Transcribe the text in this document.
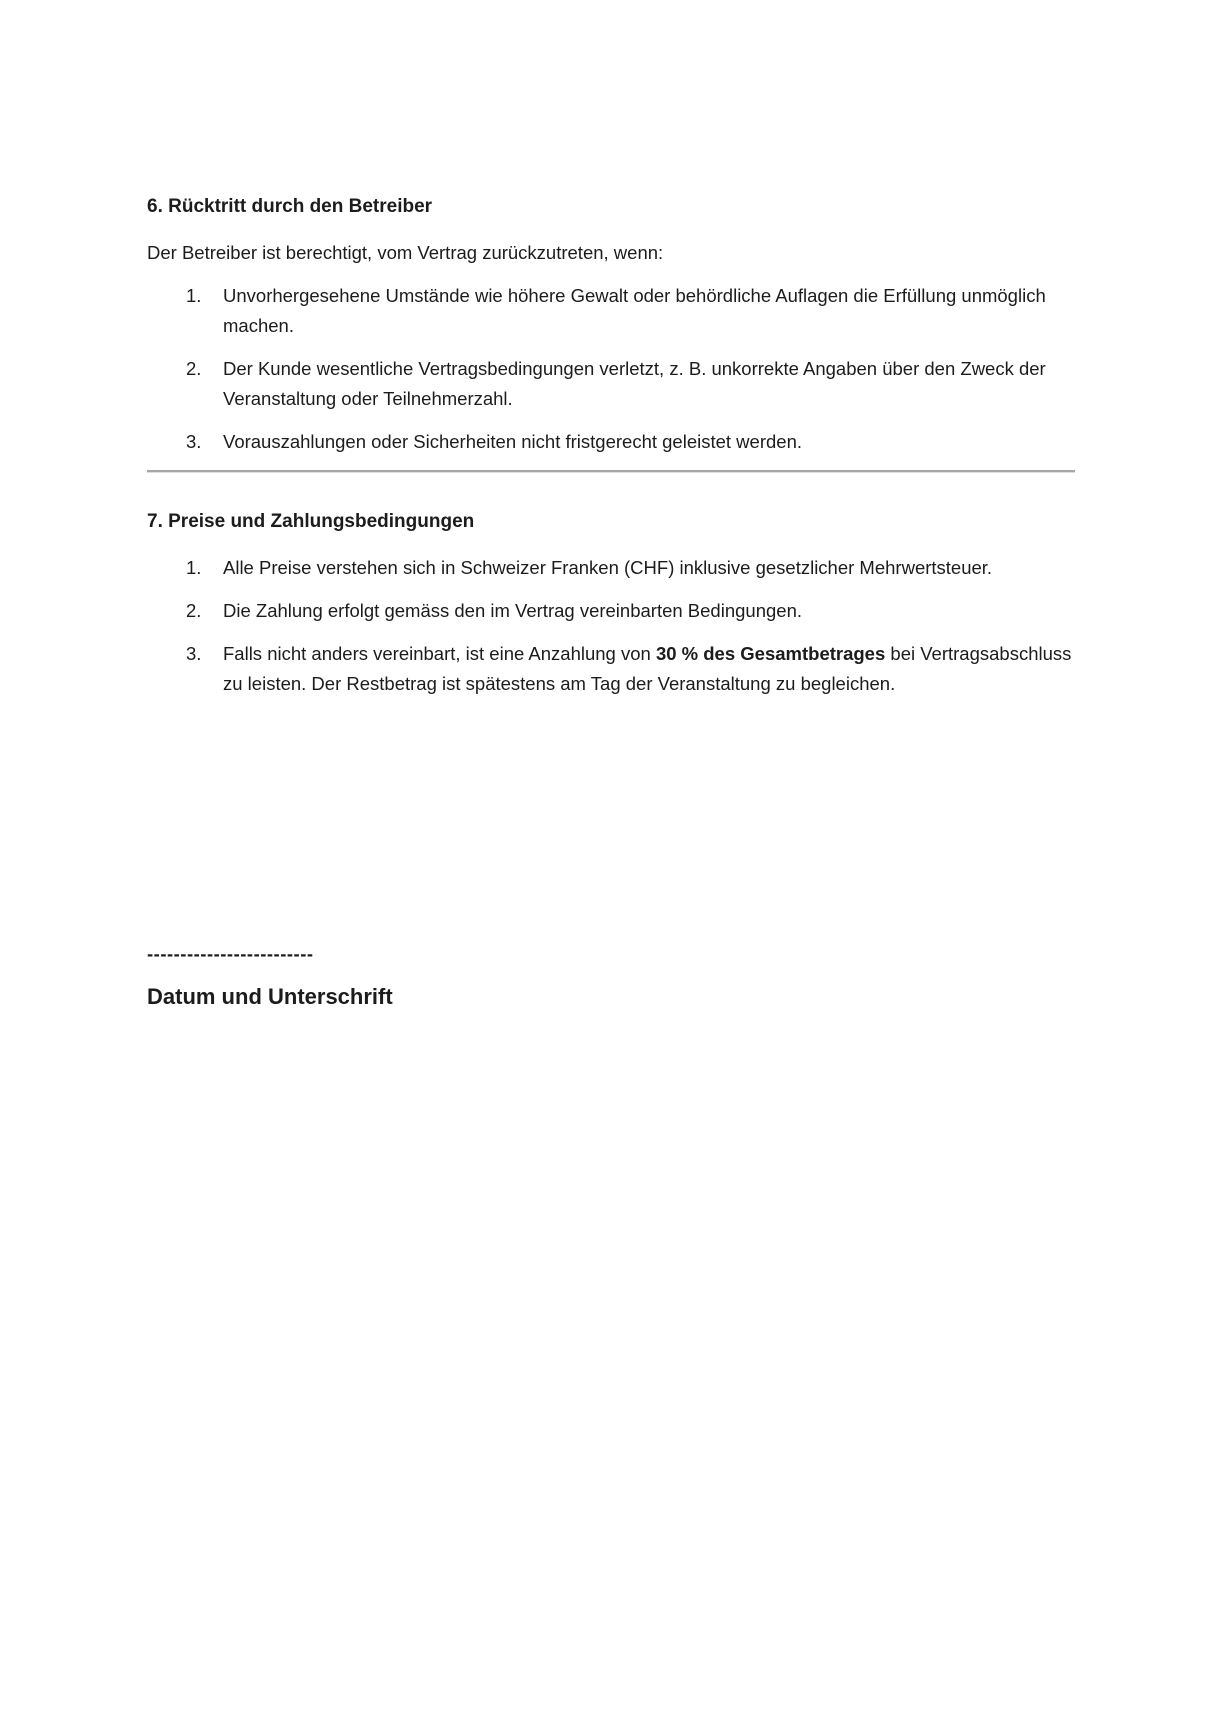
6. Rücktritt durch den Betreiber

Der Betreiber ist berechtigt, vom Vertrag zurückzutreten, wenn:

1. Unvorhergesehene Umstände wie höhere Gewalt oder behördliche Auflagen die Erfüllung unmöglich machen.
2. Der Kunde wesentliche Vertragsbedingungen verletzt, z. B. unkorrekte Angaben über den Zweck der Veranstaltung oder Teilnehmerzahl.
3. Vorauszahlungen oder Sicherheiten nicht fristgerecht geleistet werden.
7. Preise und Zahlungsbedingungen
1. Alle Preise verstehen sich in Schweizer Franken (CHF) inklusive gesetzlicher Mehrwertsteuer.
2. Die Zahlung erfolgt gemäss den im Vertrag vereinbarten Bedingungen.
3. Falls nicht anders vereinbart, ist eine Anzahlung von 30 % des Gesamtbetrages bei Vertragsabschluss zu leisten. Der Restbetrag ist spätestens am Tag der Veranstaltung zu begleichen.
-------------------------
Datum und Unterschrift
